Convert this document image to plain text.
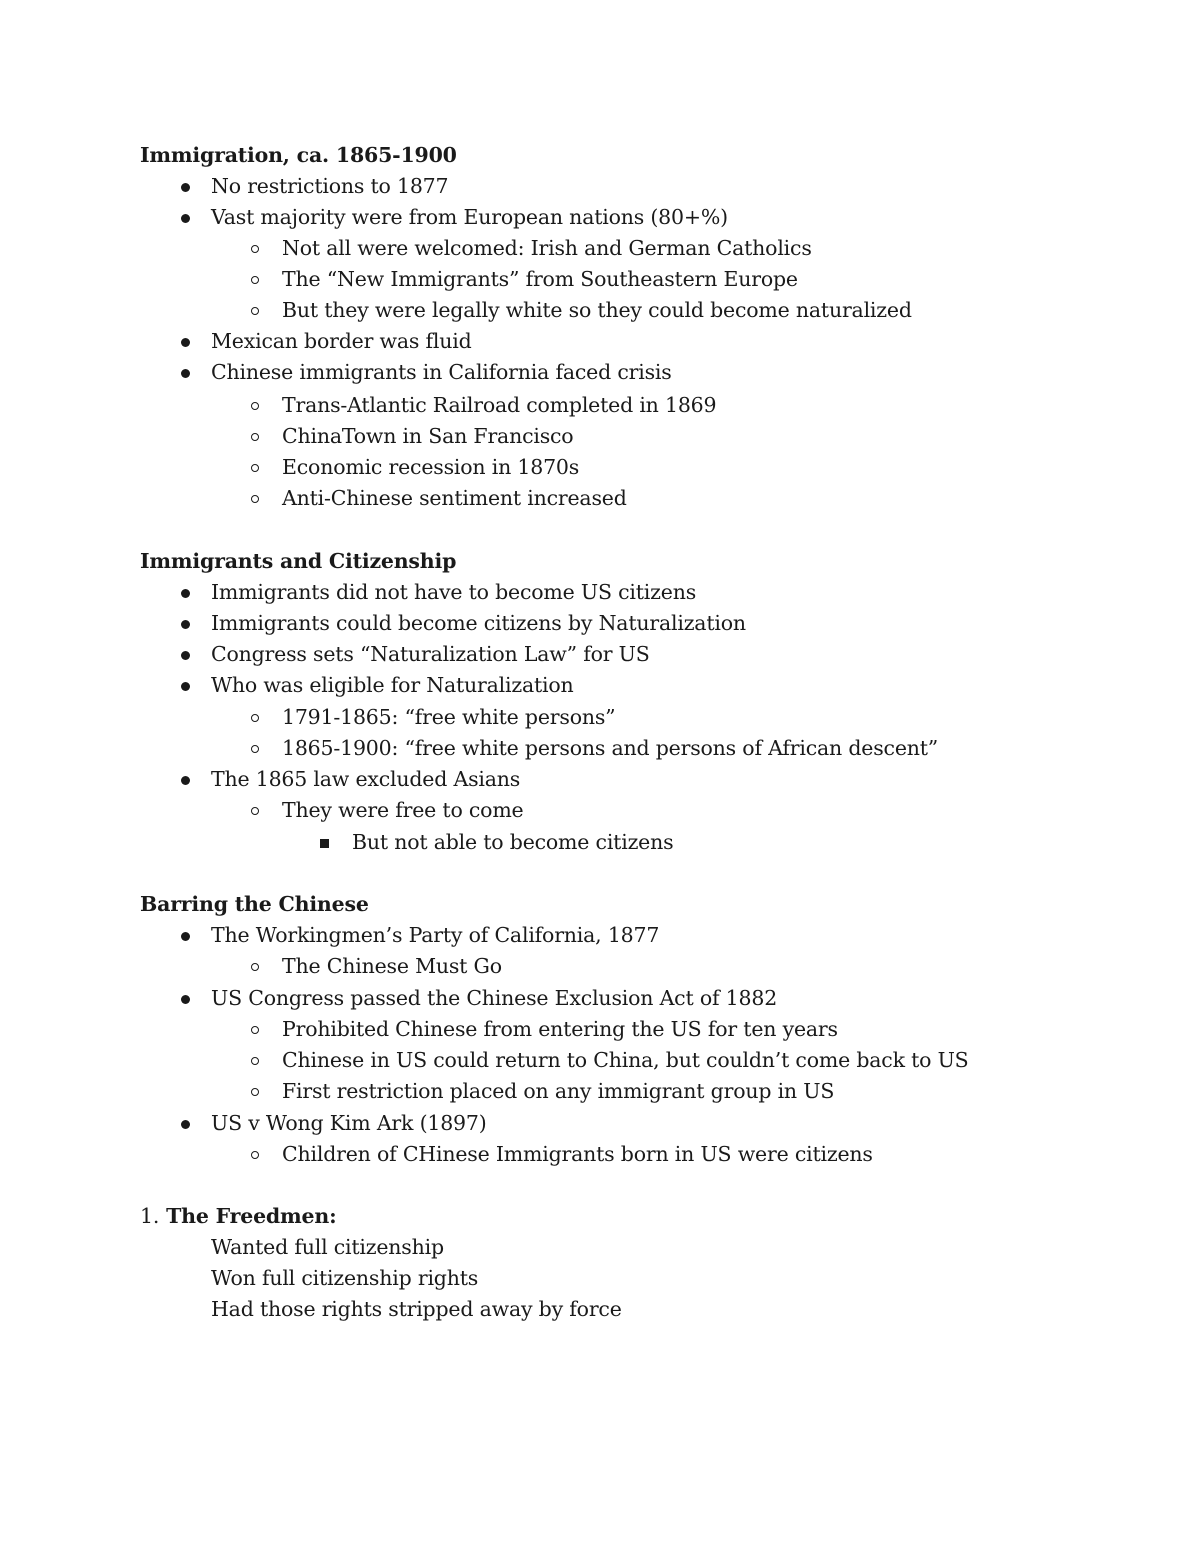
Immigration, ca. 1865-1900
No restrictions to 1877
Vast majority were from European nations (80+%)
Not all were welcomed: Irish and German Catholics
The “New Immigrants” from Southeastern Europe
But they were legally white so they could become naturalized
Mexican border was fluid
Chinese immigrants in California faced crisis
Trans-Atlantic Railroad completed in 1869
ChinaTown in San Francisco
Economic recession in 1870s
Anti-Chinese sentiment increased
Immigrants and Citizenship
Immigrants did not have to become US citizens
Immigrants could become citizens by Naturalization
Congress sets “Naturalization Law” for US
Who was eligible for Naturalization
1791-1865: “free white persons”
1865-1900: “free white persons and persons of African descent”
The 1865 law excluded Asians
They were free to come
But not able to become citizens
Barring the Chinese
The Workingmen’s Party of California, 1877
The Chinese Must Go
US Congress passed the Chinese Exclusion Act of 1882
Prohibited Chinese from entering the US for ten years
Chinese in US could return to China, but couldn’t come back to US
First restriction placed on any immigrant group in US
US v Wong Kim Ark (1897)
Children of CHinese Immigrants born in US were citizens
1. The Freedmen:
Wanted full citizenship
Won full citizenship rights
Had those rights stripped away by force
